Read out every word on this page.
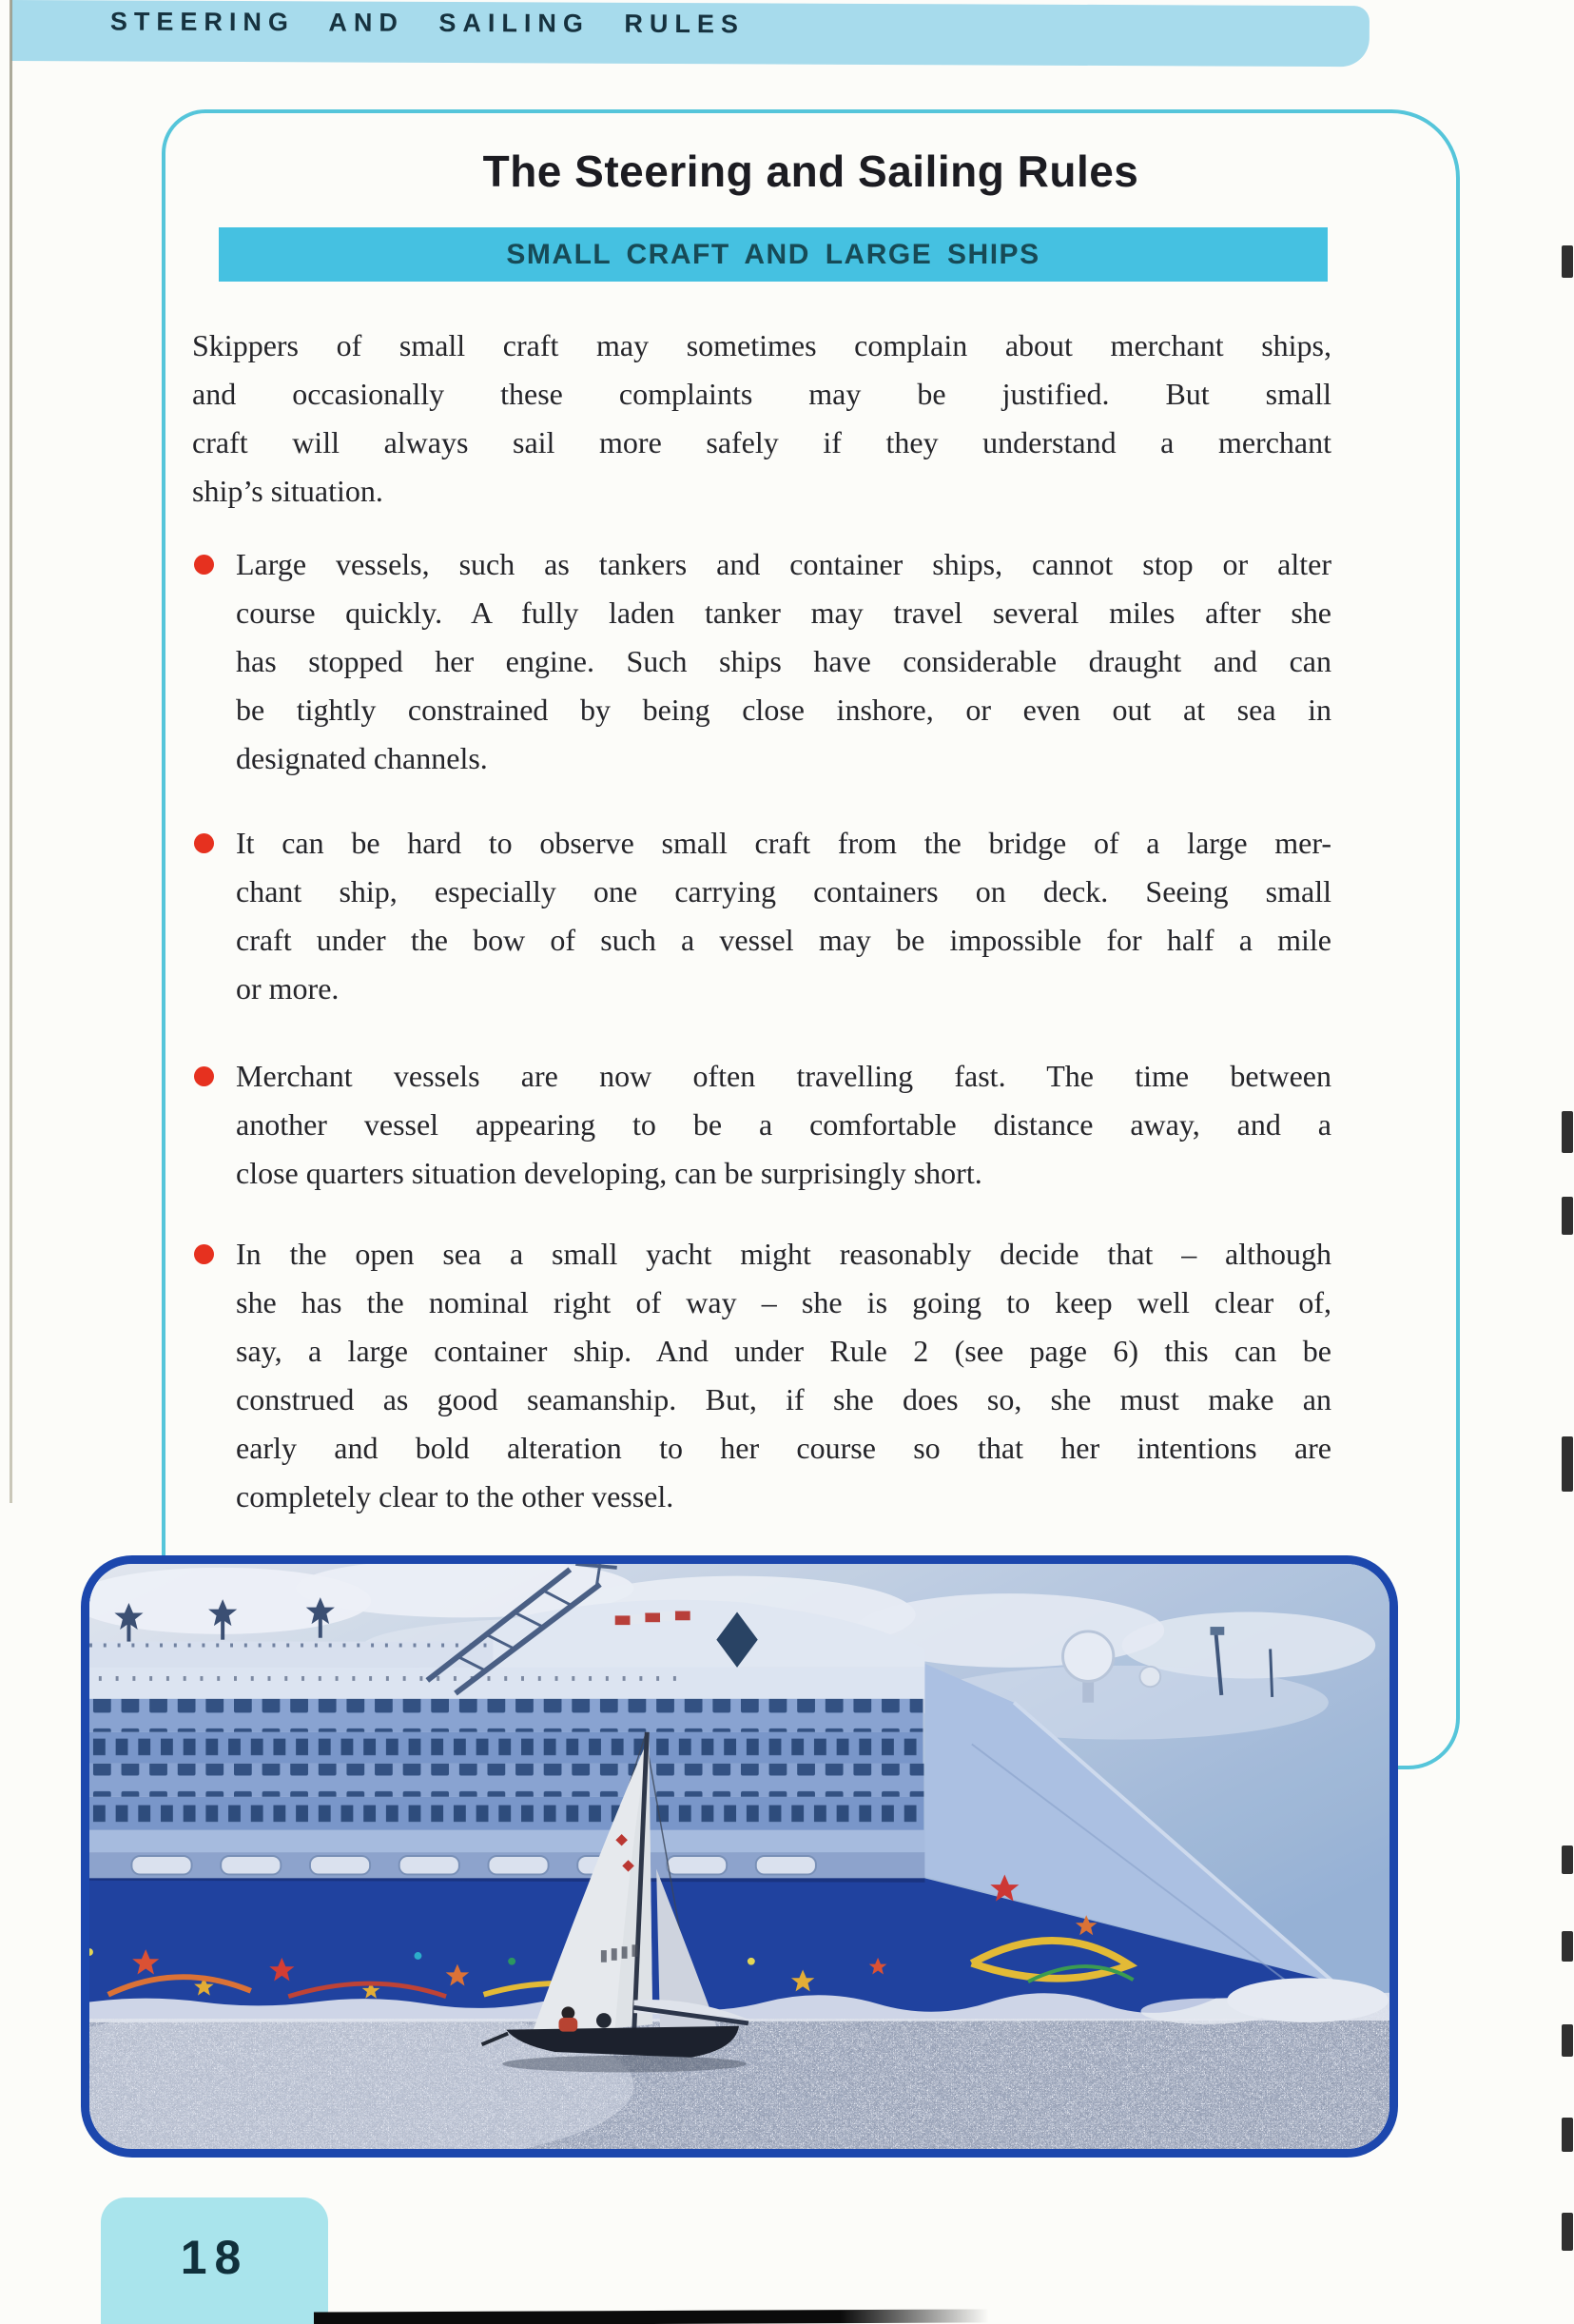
STEERING AND SAILING RULES
The Steering and Sailing Rules
SMALL CRAFT AND LARGE SHIPS
Skippers of small craft may sometimes complain about merchant ships,
and occasionally these complaints may be justified. But small
craft will always sail more safely if they understand a merchant
ship’s situation.
Large vessels, such as tankers and container ships, cannot stop or alter
course quickly. A fully laden tanker may travel several miles after she
has stopped her engine. Such ships have considerable draught and can
be tightly constrained by being close inshore, or even out at sea in
designated channels.
It can be hard to observe small craft from the bridge of a large mer-
chant ship, especially one carrying containers on deck. Seeing small
craft under the bow of such a vessel may be impossible for half a mile
or more.
Merchant vessels are now often travelling fast. The time between
another vessel appearing to be a comfortable distance away, and a
close quarters situation developing, can be surprisingly short.
In the open sea a small yacht might reasonably decide that – although
she has the nominal right of way – she is going to keep well clear of,
say, a large container ship. And under Rule 2 (see page 6) this can be
construed as good seamanship. But, if she does so, she must make an
early and bold alteration to her course so that her intentions are
completely clear to the other vessel.
18
